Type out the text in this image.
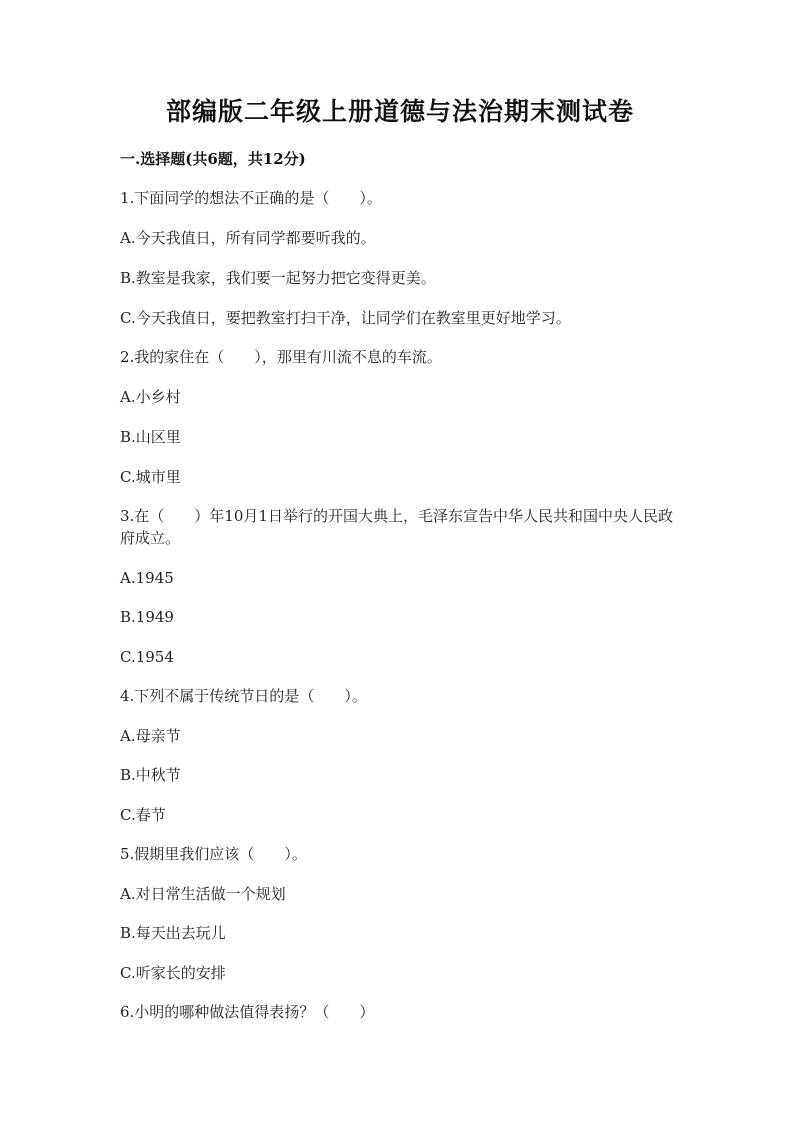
部编版二年级上册道德与法治期末测试卷
一.选择题(共6题，共12分)
1.下面同学的想法不正确的是（　　）。
A.今天我值日，所有同学都要听我的。
B.教室是我家，我们要一起努力把它变得更美。
C.今天我值日，要把教室打扫干净，让同学们在教室里更好地学习。
2.我的家住在（　　），那里有川流不息的车流。
A.小乡村
B.山区里
C.城市里
3.在（　　）年10月1日举行的开国大典上，毛泽东宣告中华人民共和国中央人民政府成立。
A.1945
B.1949
C.1954
4.下列不属于传统节日的是（　　）。
A.母亲节
B.中秋节
C.春节
5.假期里我们应该（　　）。
A.对日常生活做一个规划
B.每天出去玩儿
C.听家长的安排
6.小明的哪种做法值得表扬？（　　）
